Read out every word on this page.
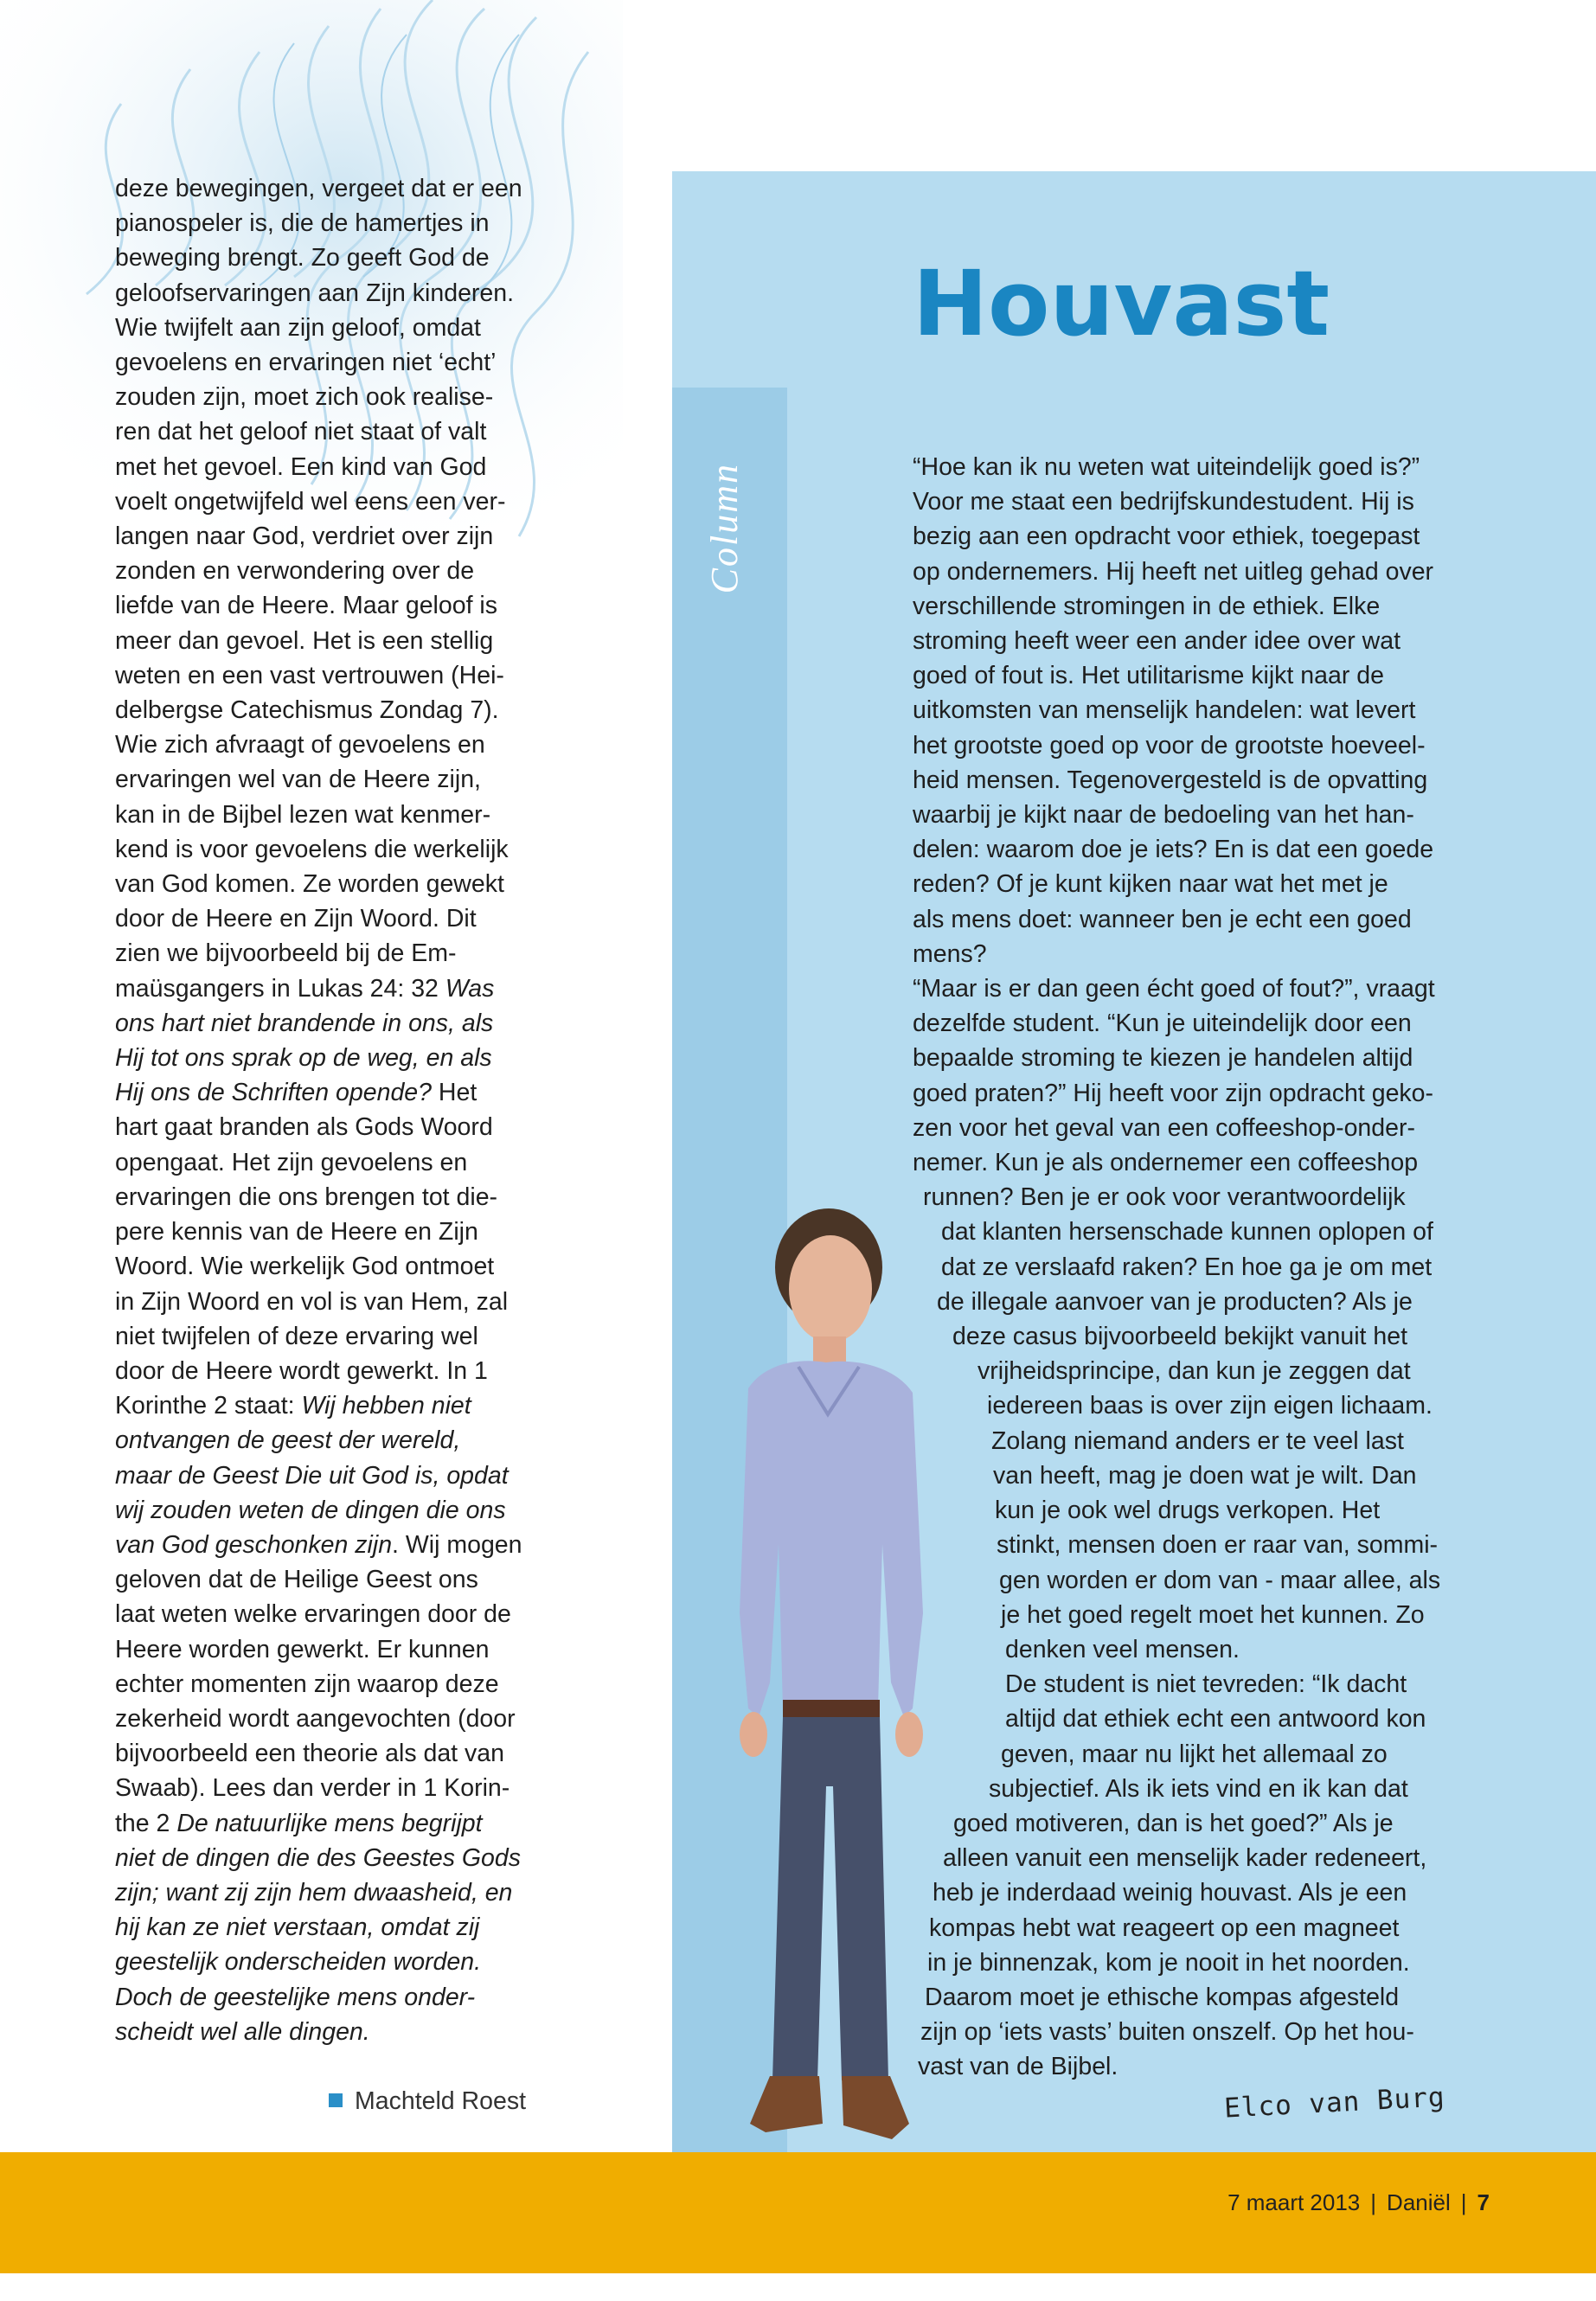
deze bewegingen, vergeet dat er een
pianospeler is, die de hamertjes in
beweging brengt. Zo geeft God de
geloofservaringen aan Zijn kinderen.
Wie twijfelt aan zijn geloof, omdat
gevoelens en ervaringen niet ‘echt’
zouden zijn, moet zich ook realise-
ren dat het geloof niet staat of valt
met het gevoel. Een kind van God
voelt ongetwijfeld wel eens een ver-
langen naar God, verdriet over zijn
zonden en verwondering over de
liefde van de Heere. Maar geloof is
meer dan gevoel. Het is een stellig
weten en een vast vertrouwen (Hei-
delbergse Catechismus Zondag 7).
Wie zich afvraagt of gevoelens en
ervaringen wel van de Heere zijn,
kan in de Bijbel lezen wat kenmer-
kend is voor gevoelens die werkelijk
van God komen. Ze worden gewekt
door de Heere en Zijn Woord. Dit
zien we bijvoorbeeld bij de Em-
maüsgangers in Lukas 24: 32 Was
ons hart niet brandende in ons, als
Hij tot ons sprak op de weg, en als
Hij ons de Schriften opende? Het
hart gaat branden als Gods Woord
opengaat. Het zijn gevoelens en
ervaringen die ons brengen tot die-
pere kennis van de Heere en Zijn
Woord. Wie werkelijk God ontmoet
in Zijn Woord en vol is van Hem, zal
niet twijfelen of deze ervaring wel
door de Heere wordt gewerkt. In 1
Korinthe 2 staat: Wij hebben niet
ontvangen de geest der wereld,
maar de Geest Die uit God is, opdat
wij zouden weten de dingen die ons
van God geschonken zijn. Wij mogen
geloven dat de Heilige Geest ons
laat weten welke ervaringen door de
Heere worden gewerkt. Er kunnen
echter momenten zijn waarop deze
zekerheid wordt aangevochten (door
bijvoorbeeld een theorie als dat van
Swaab). Lees dan verder in 1 Korin-
the 2 De natuurlijke mens begrijpt
niet de dingen die des Geestes Gods
zijn; want zij zijn hem dwaasheid, en
hij kan ze niet verstaan, omdat zij
geestelijk onderscheiden worden.
Doch de geestelijke mens onder-
scheidt wel alle dingen.
Machteld Roest
Column
Houvast
“Hoe kan ik nu weten wat uiteindelijk goed is?”
Voor me staat een bedrijfskundestudent. Hij is
bezig aan een opdracht voor ethiek, toegepast
op ondernemers. Hij heeft net uitleg gehad over
verschillende stromingen in de ethiek. Elke
stroming heeft weer een ander idee over wat
goed of fout is. Het utilitarisme kijkt naar de
uitkomsten van menselijk handelen: wat levert
het grootste goed op voor de grootste hoeveel-
heid mensen. Tegenovergesteld is de opvatting
waarbij je kijkt naar de bedoeling van het han-
delen: waarom doe je iets? En is dat een goede
reden? Of je kunt kijken naar wat het met je
als mens doet: wanneer ben je echt een goed
mens?
“Maar is er dan geen écht goed of fout?”, vraagt
dezelfde student. “Kun je uiteindelijk door een
bepaalde stroming te kiezen je handelen altijd
goed praten?” Hij heeft voor zijn opdracht geko-
zen voor het geval van een coffeeshop-onder-
nemer. Kun je als ondernemer een coffeeshop
runnen? Ben je er ook voor verantwoordelijk
dat klanten hersenschade kunnen oplopen of
dat ze verslaafd raken? En hoe ga je om met
de illegale aanvoer van je producten? Als je
deze casus bijvoorbeeld bekijkt vanuit het
vrijheidsprincipe, dan kun je zeggen dat
iedereen baas is over zijn eigen lichaam.
Zolang niemand anders er te veel last
van heeft, mag je doen wat je wilt. Dan
kun je ook wel drugs verkopen. Het
stinkt, mensen doen er raar van, sommi-
gen worden er dom van - maar allee, als
je het goed regelt moet het kunnen. Zo
denken veel mensen.
De student is niet tevreden: “Ik dacht
altijd dat ethiek echt een antwoord kon
geven, maar nu lijkt het allemaal zo
subjectief. Als ik iets vind en ik kan dat
goed motiveren, dan is het goed?” Als je
alleen vanuit een menselijk kader redeneert,
heb je inderdaad weinig houvast. Als je een
kompas hebt wat reageert op een magneet
in je binnenzak, kom je nooit in het noorden.
Daarom moet je ethische kompas afgesteld
zijn op ‘iets vasts’ buiten onszelf. Op het hou-
vast van de Bijbel.
Elco van Burg
7 maart 2013 | Daniël | 7
